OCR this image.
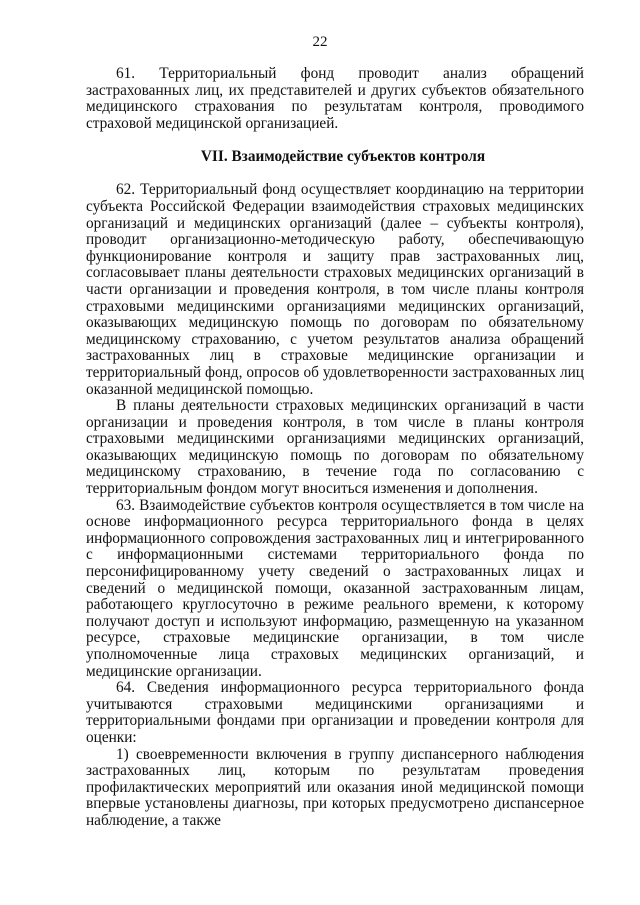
22

61. Территориальный фонд проводит анализ обращений застрахованных лиц, их представителей и других субъектов обязательного медицинского страхования по результатам контроля, проводимого страховой медицинской организацией.

VII. Взаимодействие субъектов контроля

62. Территориальный фонд осуществляет координацию на территории субъекта Российской Федерации взаимодействия страховых медицинских организаций и медицинских организаций (далее – субъекты контроля), проводит организационно-методическую работу, обеспечивающую функционирование контроля и защиту прав застрахованных лиц, согласовывает планы деятельности страховых медицинских организаций в части организации и проведения контроля, в том числе планы контроля страховыми медицинскими организациями медицинских организаций, оказывающих медицинскую помощь по договорам по обязательному медицинскому страхованию, с учетом результатов анализа обращений застрахованных лиц в страховые медицинские организации и территориальный фонд, опросов об удовлетворенности застрахованных лиц оказанной медицинской помощью.

В планы деятельности страховых медицинских организаций в части организации и проведения контроля, в том числе в планы контроля страховыми медицинскими организациями медицинских организаций, оказывающих медицинскую помощь по договорам по обязательному медицинскому страхованию, в течение года по согласованию с территориальным фондом могут вноситься изменения и дополнения.

63. Взаимодействие субъектов контроля осуществляется в том числе на основе информационного ресурса территориального фонда в целях информационного сопровождения застрахованных лиц и интегрированного с информационными системами территориального фонда по персонифицированному учету сведений о застрахованных лицах и сведений о медицинской помощи, оказанной застрахованным лицам, работающего круглосуточно в режиме реального времени, к которому получают доступ и используют информацию, размещенную на указанном ресурсе, страховые медицинские организации, в том числе уполномоченные лица страховых медицинских организаций, и медицинские организации.

64. Сведения информационного ресурса территориального фонда учитываются страховыми медицинскими организациями и территориальными фондами при организации и проведении контроля для оценки:

1) своевременности включения в группу диспансерного наблюдения застрахованных лиц, которым по результатам проведения профилактических мероприятий или оказания иной медицинской помощи впервые установлены диагнозы, при которых предусмотрено диспансерное наблюдение, а также
